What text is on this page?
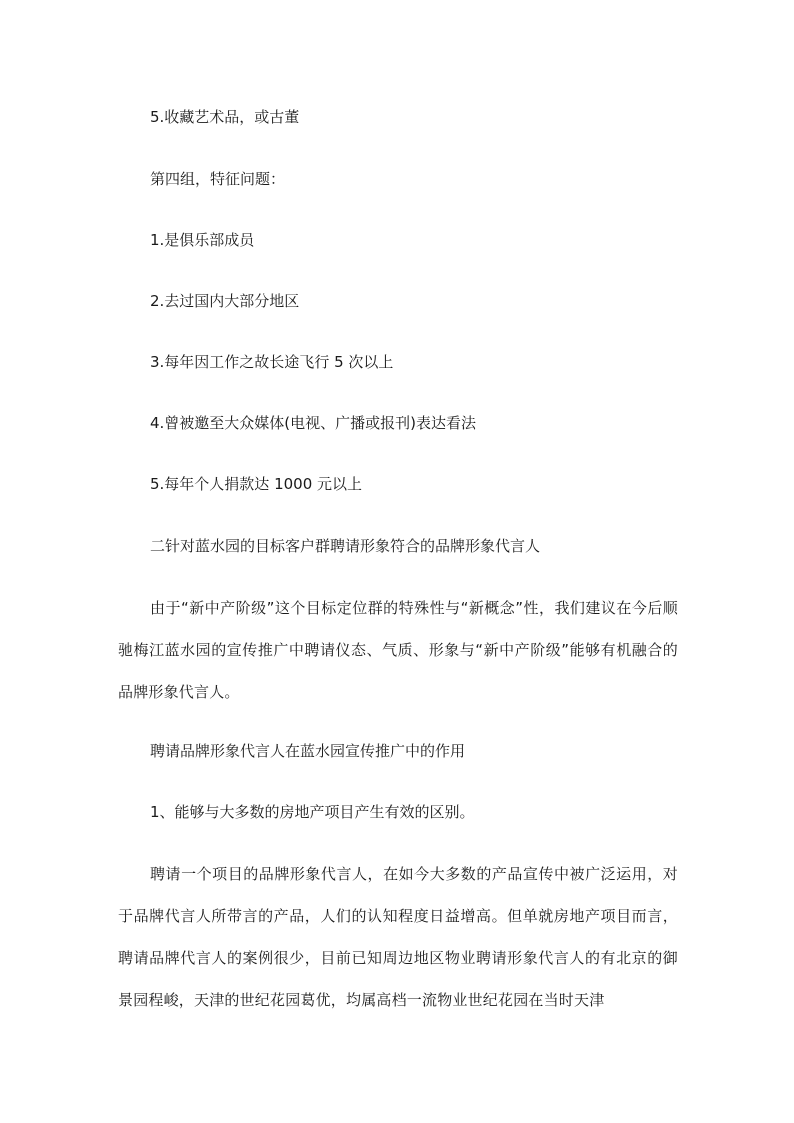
5.收藏艺术品，或古董

第四组，特征问题：

1.是俱乐部成员

2.去过国内大部分地区

3.每年因工作之故长途飞行 5 次以上

4.曾被邀至大众媒体(电视、广播或报刊)表达看法

5.每年个人捐款达 1000 元以上

二针对蓝水园的目标客户群聘请形象符合的品牌形象代言人

由于“新中产阶级”这个目标定位群的特殊性与“新概念”性，我们建议在今后顺驰梅江蓝水园的宣传推广中聘请仪态、气质、形象与“新中产阶级”能够有机融合的品牌形象代言人。

聘请品牌形象代言人在蓝水园宣传推广中的作用

1、能够与大多数的房地产项目产生有效的区别。

聘请一个项目的品牌形象代言人，在如今大多数的产品宣传中被广泛运用，对于品牌代言人所带言的产品，人们的认知程度日益增高。但单就房地产项目而言，聘请品牌代言人的案例很少，目前已知周边地区物业聘请形象代言人的有北京的御景园程峻，天津的世纪花园葛优，均属高档一流物业世纪花园在当时天津
